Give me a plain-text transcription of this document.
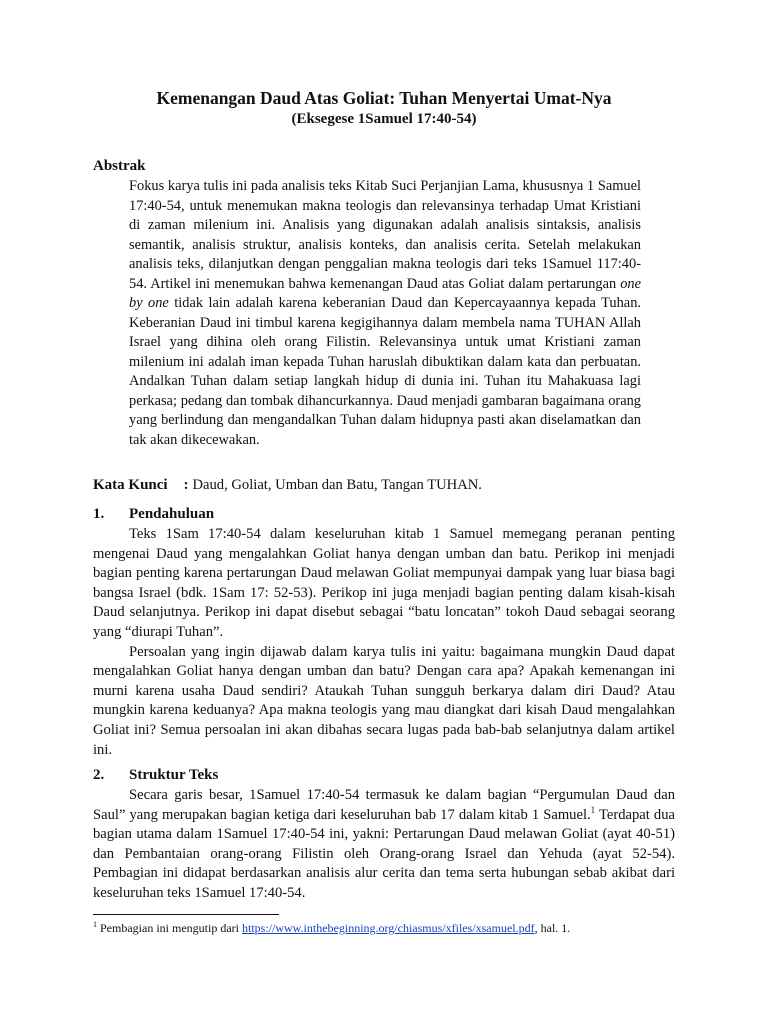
Kemenangan Daud Atas Goliat: Tuhan Menyertai Umat-Nya
(Eksegese 1Samuel 17:40-54)
Abstrak
Fokus karya tulis ini pada analisis teks Kitab Suci Perjanjian Lama, khususnya 1 Samuel 17:40-54, untuk menemukan makna teologis dan relevansinya terhadap Umat Kristiani di zaman milenium ini. Analisis yang digunakan adalah analisis sintaksis, analisis semantik, analisis struktur, analisis konteks, dan analisis cerita. Setelah melakukan analisis teks, dilanjutkan dengan penggalian makna teologis dari teks 1Samuel 117:40-54. Artikel ini menemukan bahwa kemenangan Daud atas Goliat dalam pertarungan one by one tidak lain adalah karena keberanian Daud dan Kepercayaannya kepada Tuhan. Keberanian Daud ini timbul karena kegigihannya dalam membela nama TUHAN Allah Israel yang dihina oleh orang Filistin. Relevansinya untuk umat Kristiani zaman milenium ini adalah iman kepada Tuhan haruslah dibuktikan dalam kata dan perbuatan. Andalkan Tuhan dalam setiap langkah hidup di dunia ini. Tuhan itu Mahakuasa lagi perkasa; pedang dan tombak dihancurkannya. Daud menjadi gambaran bagaimana orang yang berlindung dan mengandalkan Tuhan dalam hidupnya pasti akan diselamatkan dan tak akan dikecewakan.
Kata Kunci : Daud, Goliat, Umban dan Batu, Tangan TUHAN.
1. Pendahuluan

Teks 1Sam 17:40-54 dalam keseluruhan kitab 1 Samuel memegang peranan penting mengenai Daud yang mengalahkan Goliat hanya dengan umban dan batu. Perikop ini menjadi bagian penting karena pertarungan Daud melawan Goliat mempunyai dampak yang luar biasa bagi bangsa Israel (bdk. 1Sam 17: 52-53). Perikop ini juga menjadi bagian penting dalam kisah-kisah Daud selanjutnya. Perikop ini dapat disebut sebagai “batu loncatan” tokoh Daud sebagai seorang yang “diurapi Tuhan”.

Persoalan yang ingin dijawab dalam karya tulis ini yaitu: bagaimana mungkin Daud dapat mengalahkan Goliat hanya dengan umban dan batu? Dengan cara apa? Apakah kemenangan ini murni karena usaha Daud sendiri? Ataukah Tuhan sungguh berkarya dalam diri Daud? Atau mungkin karena keduanya? Apa makna teologis yang mau diangkat dari kisah Daud mengalahkan Goliat ini? Semua persoalan ini akan dibahas secara lugas pada bab-bab selanjutnya dalam artikel ini.

2. Struktur Teks

Secara garis besar, 1Samuel 17:40-54 termasuk ke dalam bagian “Pergumulan Daud dan Saul” yang merupakan bagian ketiga dari keseluruhan bab 17 dalam kitab 1 Samuel.$^1$ Terdapat dua bagian utama dalam 1Samuel 17:40-54 ini, yakni: Pertarungan Daud melawan Goliat (ayat 40-51) dan Pembantaian orang-orang Filistin oleh Orang-orang Israel dan Yehuda (ayat 52-54). Pembagian ini didapat berdasarkan analisis alur cerita dan tema serta hubungan sebab akibat dari keseluruhan teks 1Samuel 17:40-54.

$^1$ Pembagian ini mengutip dari https://www.inthebeginning.org/chiasmus/xfiles/xsamuel.pdf, hal. 1.
